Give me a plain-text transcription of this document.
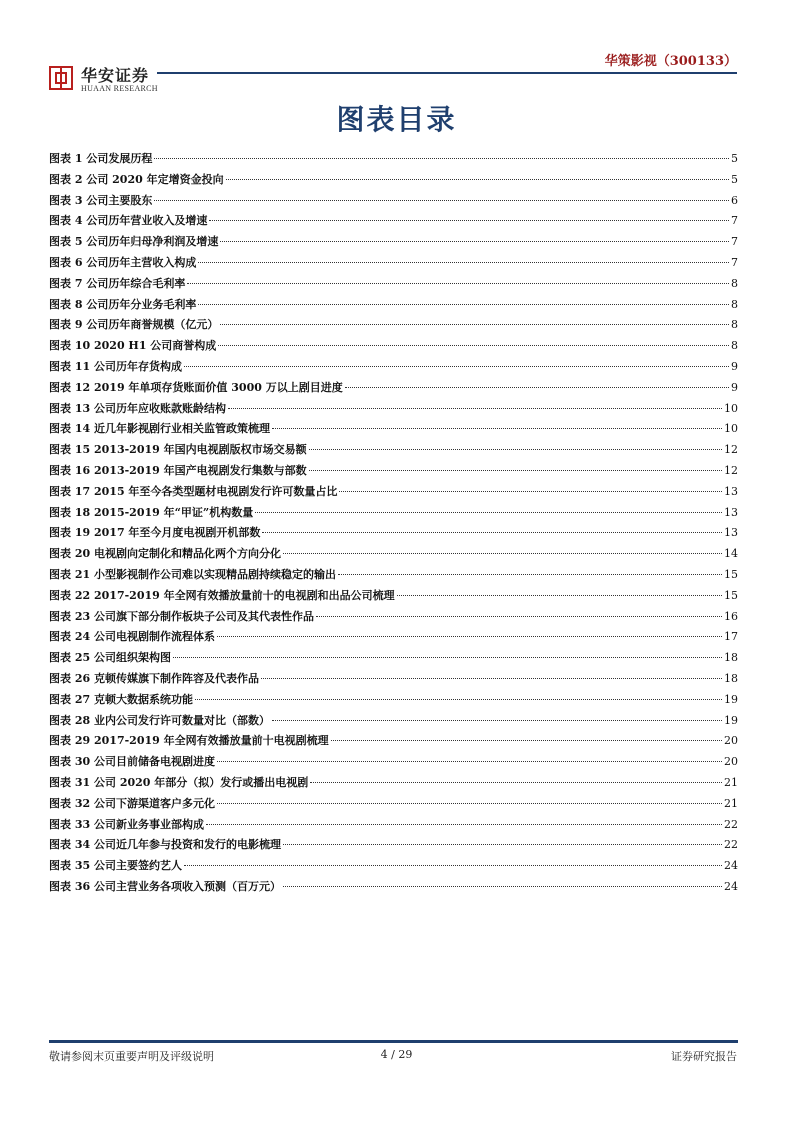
华安证券
HUAAN RESEARCH
华策影视（300133）
图表目录
图表 1
公司发展历程	5
图表 2
公司 2020 年定增资金投向	5
图表 3
公司主要股东	6
图表 4
公司历年营业收入及增速	7
图表 5
公司历年归母净利润及增速	7
图表 6
公司历年主营收入构成	7
图表 7
公司历年综合毛利率	8
图表 8
公司历年分业务毛利率	8
图表 9
公司历年商誉规模（亿元）	8
图表 10
2020 H1 公司商誉构成	8
图表 11
公司历年存货构成	9
图表 12
2019 年单项存货账面价值 3000 万以上剧目进度	9
图表 13
公司历年应收账款账龄结构	10
图表 14
近几年影视剧行业相关监管政策梳理	10
图表 15
2013-2019 年国内电视剧版权市场交易额	12
图表 16
2013-2019 年国产电视剧发行集数与部数	12
图表 17
2015 年至今各类型题材电视剧发行许可数量占比	13
图表 18
2015-2019 年“甲证”机构数量	13
图表 19
2017 年至今月度电视剧开机部数	13
图表 20
电视剧向定制化和精品化两个方向分化	14
图表 21
小型影视制作公司难以实现精品剧持续稳定的输出	15
图表 22
2017-2019 年全网有效播放量前十的电视剧和出品公司梳理	15
图表 23
公司旗下部分制作板块子公司及其代表性作品	16
图表 24
公司电视剧制作流程体系	17
图表 25
公司组织架构图	18
图表 26
克顿传媒旗下制作阵容及代表作品	18
图表 27
克顿大数据系统功能	19
图表 28
业内公司发行许可数量对比（部数）	19
图表 29
2017-2019 年全网有效播放量前十电视剧梳理	20
图表 30
公司目前储备电视剧进度	20
图表 31
公司 2020 年部分（拟）发行或播出电视剧	21
图表 32
公司下游渠道客户多元化	21
图表 33
公司新业务事业部构成	22
图表 34
公司近几年参与投资和发行的电影梳理	22
图表 35
公司主要签约艺人	24
图表 36
公司主营业务各项收入预测（百万元）	24
敬请参阅末页重要声明及评级说明	4 / 29	证券研究报告
